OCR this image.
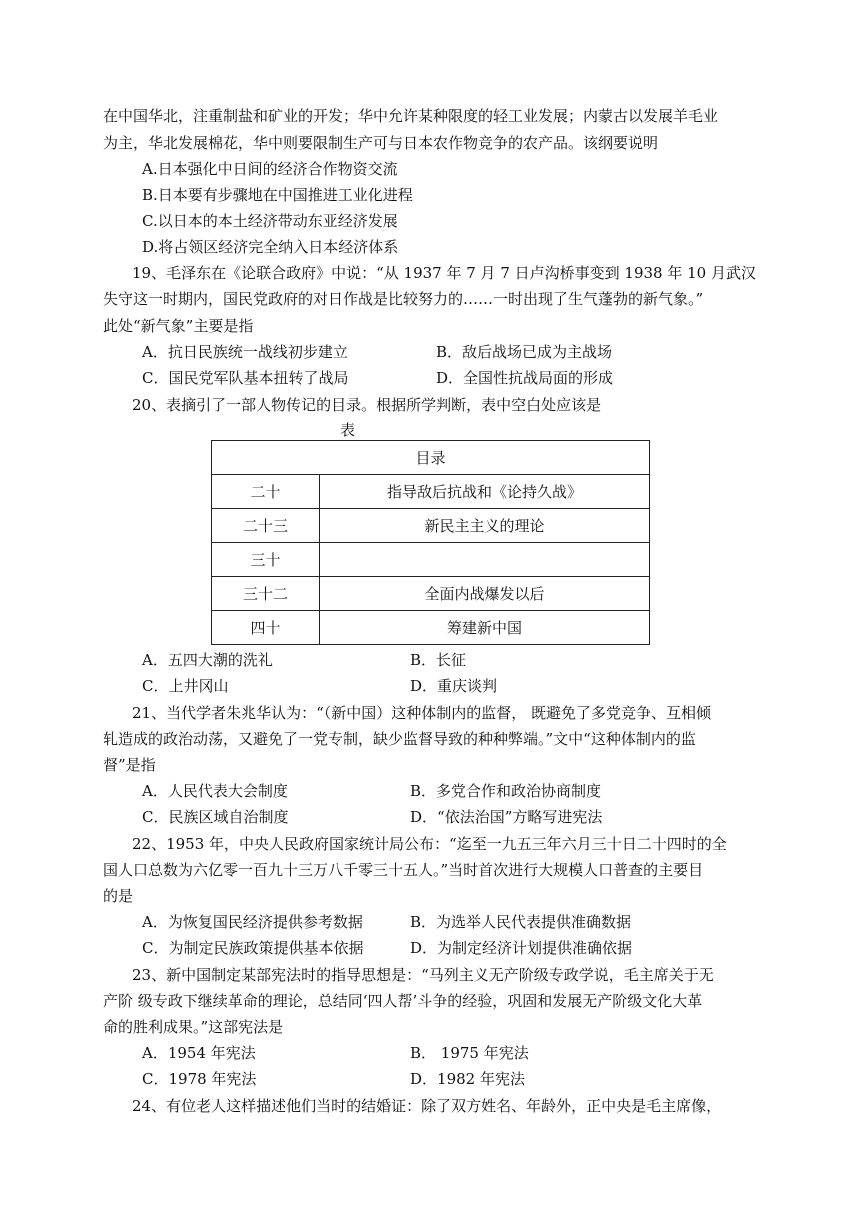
在中国华北，注重制盐和矿业的开发；华中允许某种限度的轻工业发展；内蒙古以发展羊毛业
为主，华北发展棉花，华中则要限制生产可与日本农作物竞争的农产品。该纲要说明
A.日本强化中日间的经济合作物资交流
B.日本要有步骤地在中国推进工业化进程
C.以日本的本土经济带动东亚经济发展
D.将占领区经济完全纳入日本经济体系
19、毛泽东在《论联合政府》中说：“从 1937 年 7 月 7 日卢沟桥事变到 1938 年 10 月武汉
失守这一时期内，国民党政府的对日作战是比较努力的……一时出现了生气蓬勃的新气象。”
此处“新气象”主要是指
A．抗日民族统一战线初步建立	B．敌后战场已成为主战场
C．国民党军队基本扭转了战局	D．全国性抗战局面的形成
20、表摘引了一部人物传记的目录。根据所学判断，表中空白处应该是
表
目录	
二十	指导敌后抗战和《论持久战》
二十三	新民主主义的理论
三十	
三十二	全面内战爆发以后
四十	筹建新中国
A．五四大潮的洗礼	B．长征
C．上井冈山	D．重庆谈判
21、当代学者朱兆华认为：“（新中国）这种体制内的监督， 既避免了多党竞争、互相倾
轧造成的政治动荡，又避免了一党专制，缺少监督导致的种种弊端。”文中“这种体制内的监
督”是指
A．人民代表大会制度	B．多党合作和政治协商制度
C．民族区域自治制度	D．“依法治国”方略写进宪法
22、1953 年，中央人民政府国家统计局公布：“迄至一九五三年六月三十日二十四时的全
国人口总数为六亿零一百九十三万八千零三十五人。”当时首次进行大规模人口普查的主要目
的是
A．为恢复国民经济提供参考数据	B．为选举人民代表提供准确数据
C．为制定民族政策提供基本依据	D．为制定经济计划提供准确依据
23、新中国制定某部宪法时的指导思想是：“马列主义无产阶级专政学说，毛主席关于无
产阶 级专政下继续革命的理论，总结同‘四人帮’斗争的经验，巩固和发展无产阶级文化大革
命的胜利成果。”这部宪法是
A．1954 年宪法	B． 1975 年宪法
C．1978 年宪法	D．1982 年宪法
24、有位老人这样描述他们当时的结婚证：除了双方姓名、年龄外，正中央是毛主席像，
